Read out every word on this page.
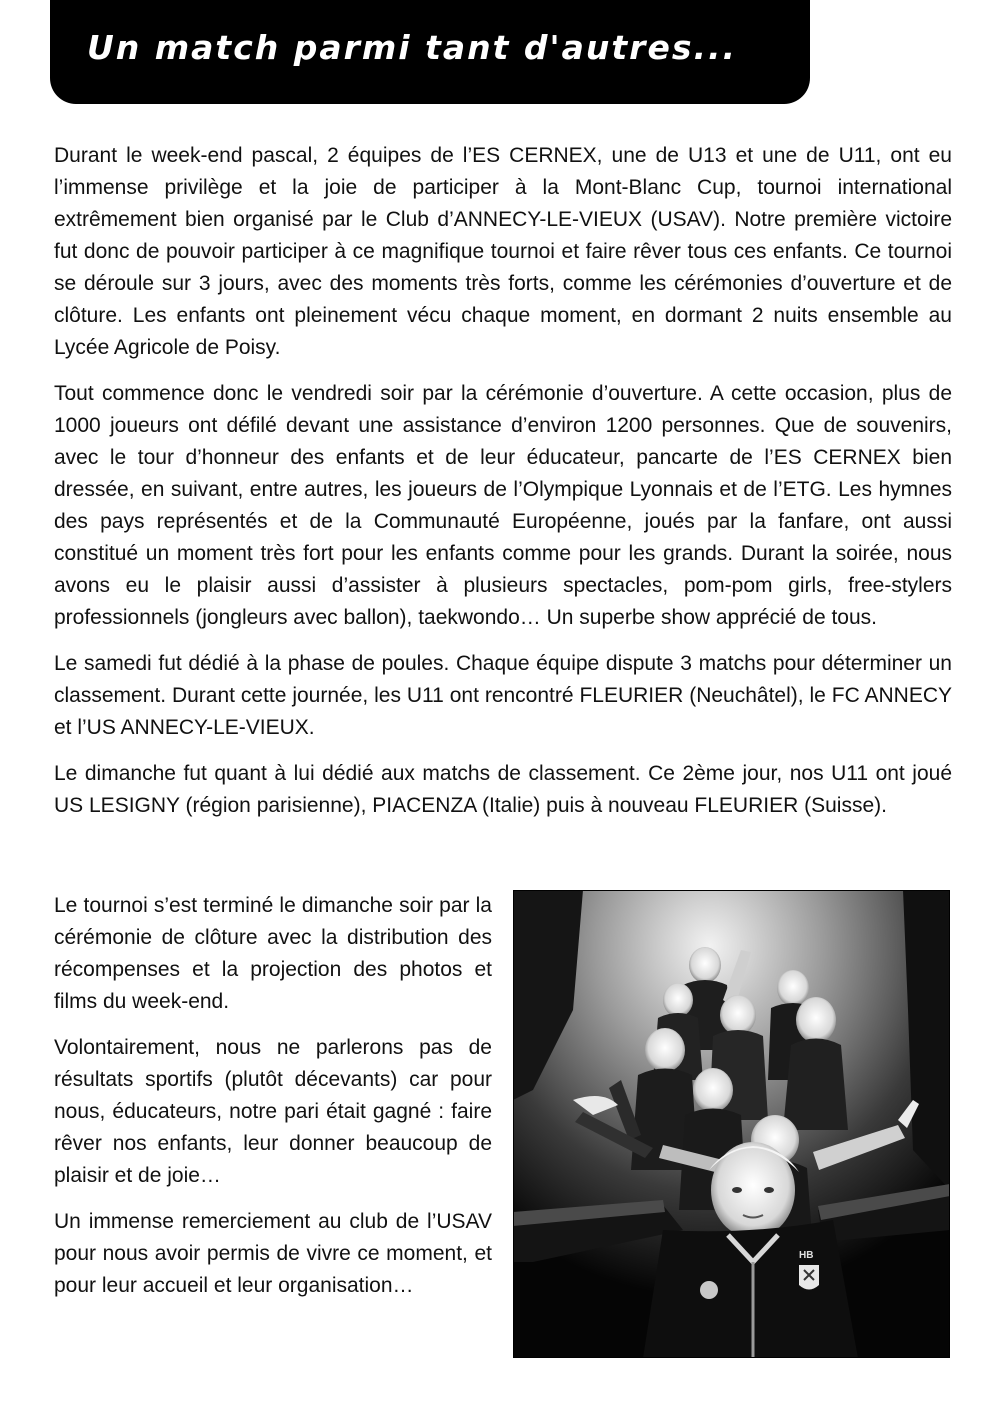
Un match parmi tant d'autres...

Durant le week-end pascal, 2 équipes de l’ES CERNEX, une de U13 et une de U11, ont eu l’immense privilège et la joie de participer à la Mont-Blanc Cup, tournoi international extrêmement bien organisé par le Club d’ANNECY-LE-VIEUX (USAV). Notre première victoire fut donc de pouvoir participer à ce magnifique tournoi et faire rêver tous ces enfants. Ce tournoi se déroule sur 3 jours, avec des moments très forts, comme les cérémonies d’ouverture et de clôture. Les enfants ont pleinement vécu chaque moment, en dormant 2 nuits ensemble au Lycée Agricole de Poisy.

Tout commence donc le vendredi soir par la cérémonie d’ouverture. A cette occasion, plus de 1000 joueurs ont défilé devant une assistance d’environ 1200 personnes. Que de souvenirs, avec le tour d’honneur des enfants et de leur éducateur, pancarte de l’ES CERNEX bien dressée, en suivant, entre autres, les joueurs de l’Olympique Lyonnais et de l’ETG. Les hymnes des pays représentés et de la Communauté Européenne, joués par la fanfare, ont aussi constitué un moment très fort pour les enfants comme pour les grands. Durant la soirée, nous avons eu le plaisir aussi d’assister à plusieurs spectacles, pom-pom girls, free-stylers professionnels (jongleurs avec ballon), taekwondo… Un superbe show apprécié de tous.

Le samedi fut dédié à la phase de poules. Chaque équipe dispute 3 matchs pour déterminer un classement. Durant cette journée, les U11 ont rencontré FLEURIER (Neuchâtel), le FC ANNECY et l’US ANNECY-LE-VIEUX.

Le dimanche fut quant à lui dédié aux matchs de classement. Ce 2ème jour, nos U11 ont joué US LESIGNY (région parisienne), PIACENZA (Italie) puis à nouveau FLEURIER (Suisse).

Le tournoi s’est terminé le dimanche soir par la cérémonie de clôture avec la distribution des récompenses et la projection des photos et films du week-end.

Volontairement, nous ne parlerons pas de résultats sportifs (plutôt décevants) car pour nous, éducateurs, notre pari était gagné : faire rêver nos enfants, leur donner beaucoup de plaisir et de joie…

Un immense remerciement au club de l’USAV pour nous avoir permis de vivre ce moment, et pour leur accueil et leur organisation…

HB
